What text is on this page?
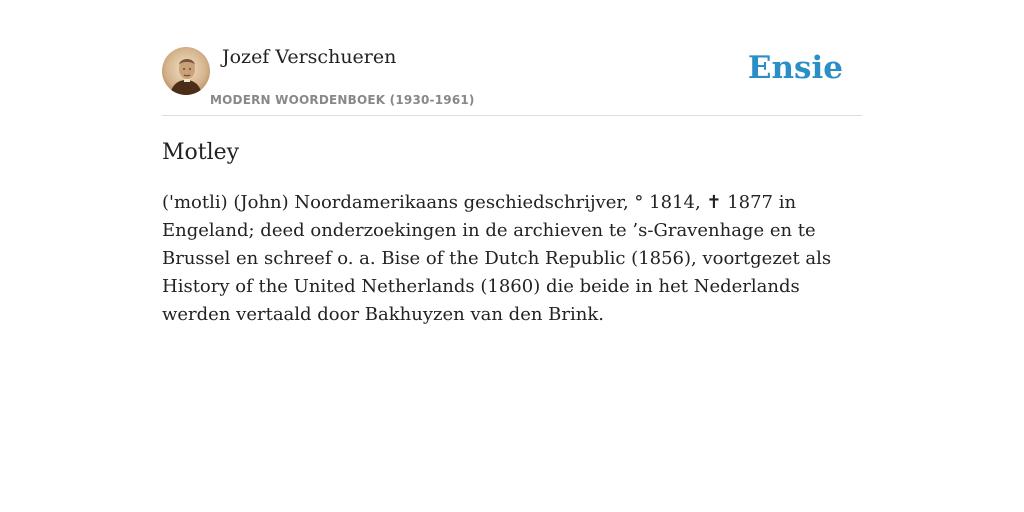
Jozef Verschueren
MODERN WOORDENBOEK (1930-1961)
Ensie
Motley

('motli) (John) Noordamerikaans geschiedschrijver, ° 1814, ✝ 1877 in Engeland; deed onderzoekingen in de archieven te ’s-Gravenhage en te Brussel en schreef o. a. Bise of the Dutch Republic (1856), voortgezet als History of the United Netherlands (1860) die beide in het Nederlands werden vertaald door Bakhuyzen van den Brink.
